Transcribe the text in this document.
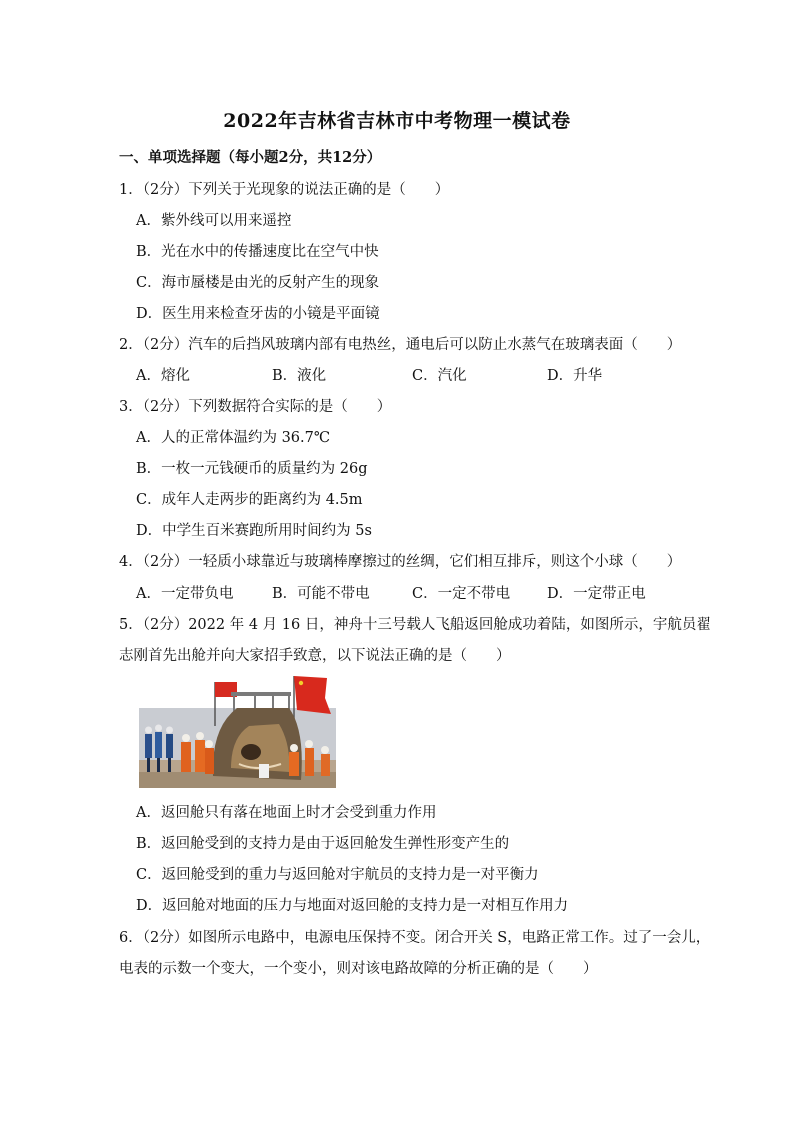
2022年吉林省吉林市中考物理一模试卷
一、单项选择题（每小题2分，共12分）
1．（2分）下列关于光现象的说法正确的是（　　）
A．紫外线可以用来遥控
B．光在水中的传播速度比在空气中快
C．海市蜃楼是由光的反射产生的现象
D．医生用来检查牙齿的小镜是平面镜
2．（2分）汽车的后挡风玻璃内部有电热丝，通电后可以防止水蒸气在玻璃表面（　　）
A．熔化	B．液化	C．汽化	D．升华
3．（2分）下列数据符合实际的是（　　）
A．人的正常体温约为 36.7℃
B．一枚一元钱硬币的质量约为 26g
C．成年人走两步的距离约为 4.5m
D．中学生百米赛跑所用时间约为 5s
4．（2分）一轻质小球靠近与玻璃棒摩擦过的丝绸，它们相互排斥，则这个小球（　　）
A．一定带负电	B．可能不带电	C．一定不带电	D．一定带正电
5．（2分）2022 年 4 月 16 日，神舟十三号载人飞船返回舱成功着陆，如图所示，宇航员翟
志刚首先出舱并向大家招手致意，以下说法正确的是（　　）
A．返回舱只有落在地面上时才会受到重力作用
B．返回舱受到的支持力是由于返回舱发生弹性形变产生的
C．返回舱受到的重力与返回舱对宇航员的支持力是一对平衡力
D．返回舱对地面的压力与地面对返回舱的支持力是一对相互作用力
6．（2分）如图所示电路中，电源电压保持不变。闭合开关 S，电路正常工作。过了一会儿，
电表的示数一个变大，一个变小，则对该电路故障的分析正确的是（　　）
